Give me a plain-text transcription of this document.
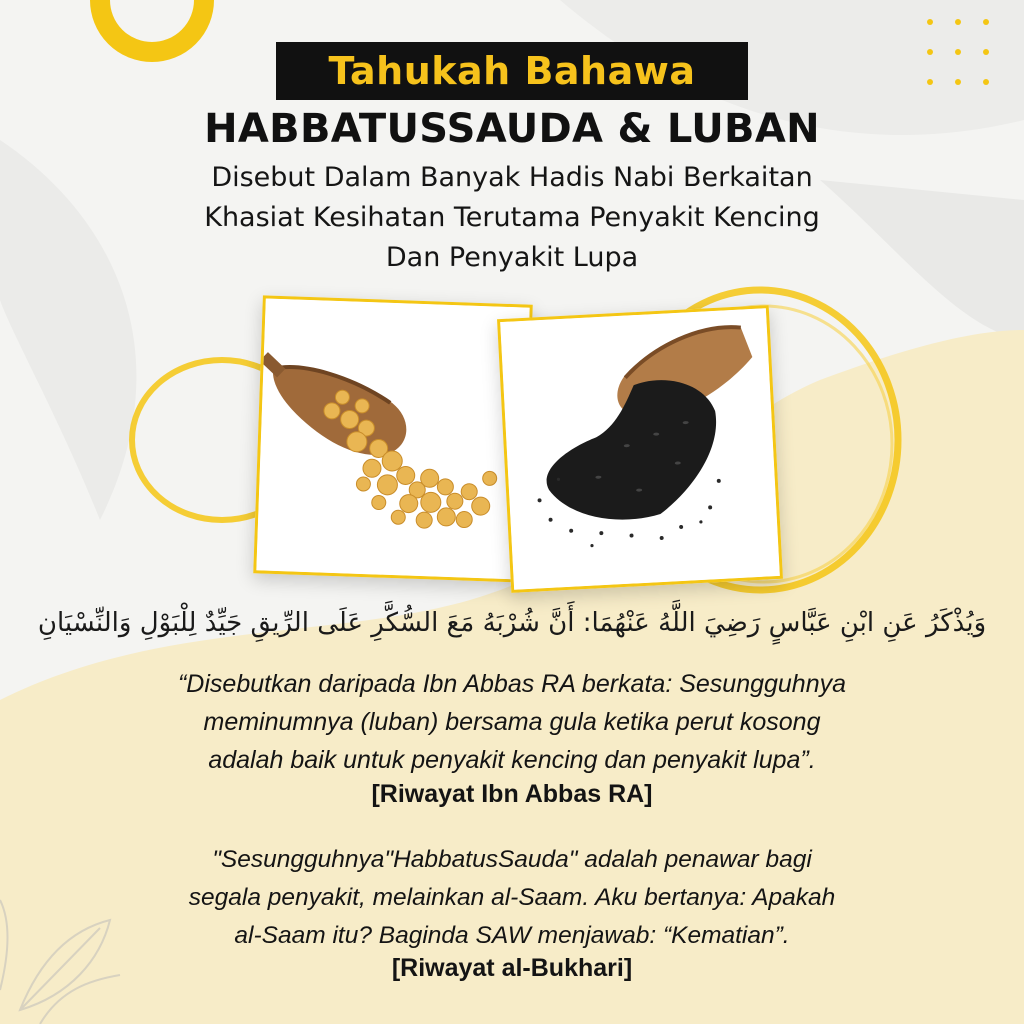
Tahukah Bahawa
HABBATUSSAUDA & LUBAN
Disebut Dalam Banyak Hadis Nabi Berkaitan
Khasiat Kesihatan Terutama Penyakit Kencing
Dan Penyakit Lupa
وَيُذْكَرُ عَنِ ابْنِ عَبَّاسٍ رَضِيَ اللَّهُ عَنْهُمَا: أَنَّ شُرْبَهُ مَعَ السُّكَّرِ عَلَى الرِّيقِ جَيِّدٌ لِلْبَوْلِ وَالنِّسْيَانِ
“Disebutkan daripada Ibn Abbas RA berkata: Sesungguhnya
meminumnya (luban) bersama gula ketika perut kosong
adalah baik untuk penyakit kencing dan penyakit lupa”.
[Riwayat Ibn Abbas RA]
"Sesungguhnya"HabbatusSauda" adalah penawar bagi
segala penyakit, melainkan al-Saam. Aku bertanya: Apakah
al-Saam itu? Baginda SAW menjawab: “Kematian”.
[Riwayat al-Bukhari]
